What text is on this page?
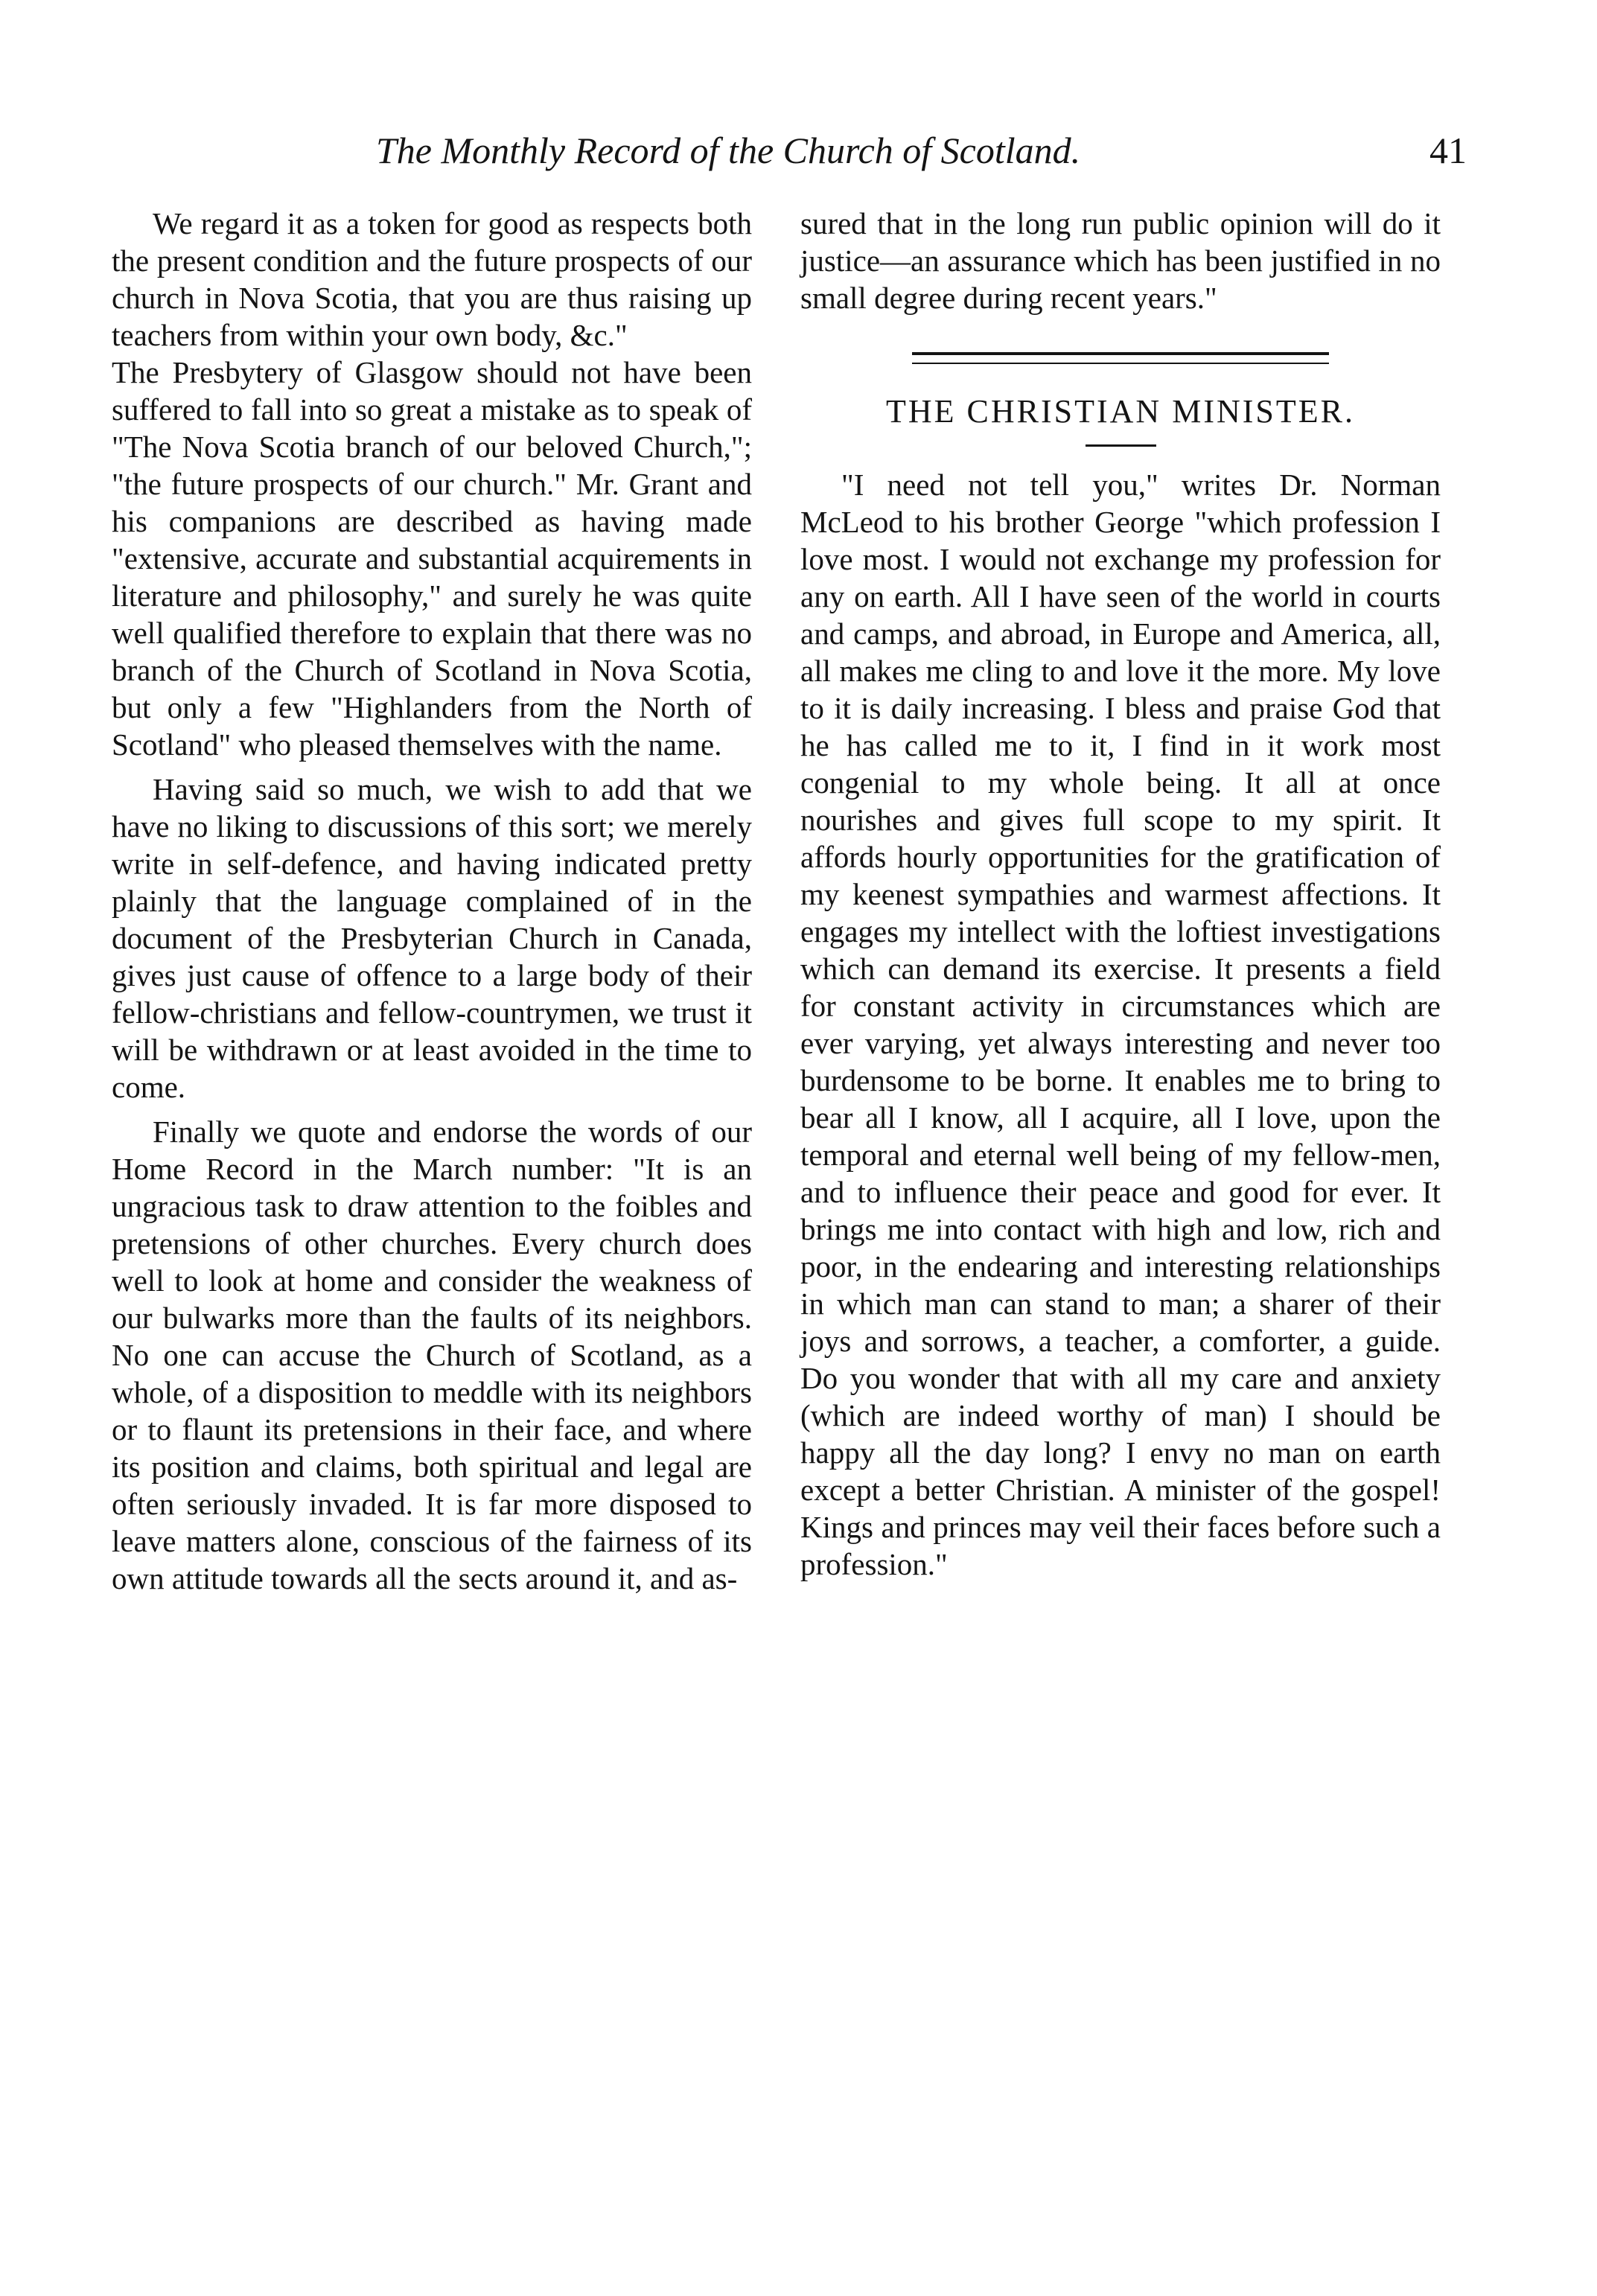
The Monthly Record of the Church of Scotland.	41

We regard it as a token for good as respects both the present condition and the future prospects of our church in Nova Scotia, that you are thus raising up teachers from within your own body, &c."

The Presbytery of Glasgow should not have been suffered to fall into so great a mistake as to speak of "The Nova Scotia branch of our beloved Church,"; "the future prospects of our church." Mr. Grant and his companions are described as having made "extensive, accurate and substantial acquirements in literature and philosophy," and surely he was quite well qualified therefore to explain that there was no branch of the Church of Scotland in Nova Scotia, but only a few "Highlanders from the North of Scotland" who pleased themselves with the name.

Having said so much, we wish to add that we have no liking to discussions of this sort; we merely write in self-defence, and having indicated pretty plainly that the language complained of in the document of the Presbyterian Church in Canada, gives just cause of offence to a large body of their fellow-christians and fellow-countrymen, we trust it will be withdrawn or at least avoided in the time to come.

Finally we quote and endorse the words of our Home Record in the March number: "It is an ungracious task to draw attention to the foibles and pretensions of other churches. Every church does well to look at home and consider the weakness of our bulwarks more than the faults of its neighbors. No one can accuse the Church of Scotland, as a whole, of a disposition to meddle with its neighbors or to flaunt its pretensions in their face, and where its position and claims, both spiritual and legal are often seriously invaded. It is far more disposed to leave matters alone, conscious of the fairness of its own attitude towards all the sects around it, and as-

sured that in the long run public opinion will do it justice—an assurance which has been justified in no small degree during recent years."

THE CHRISTIAN MINISTER.

"I need not tell you," writes Dr. Norman McLeod to his brother George "which profession I love most. I would not exchange my profession for any on earth. All I have seen of the world in courts and camps, and abroad, in Europe and America, all, all makes me cling to and love it the more. My love to it is daily increasing. I bless and praise God that he has called me to it, I find in it work most congenial to my whole being. It all at once nourishes and gives full scope to my spirit. It affords hourly opportunities for the gratification of my keenest sympathies and warmest affections. It engages my intellect with the loftiest investigations which can demand its exercise. It presents a field for constant activity in circumstances which are ever varying, yet always interesting and never too burdensome to be borne. It enables me to bring to bear all I know, all I acquire, all I love, upon the temporal and eternal well being of my fellow-men, and to influence their peace and good for ever. It brings me into contact with high and low, rich and poor, in the endearing and interesting relationships in which man can stand to man; a sharer of their joys and sorrows, a teacher, a comforter, a guide. Do you wonder that with all my care and anxiety (which are indeed worthy of man) I should be happy all the day long? I envy no man on earth except a better Christian. A minister of the gospel! Kings and princes may veil their faces before such a profession."
